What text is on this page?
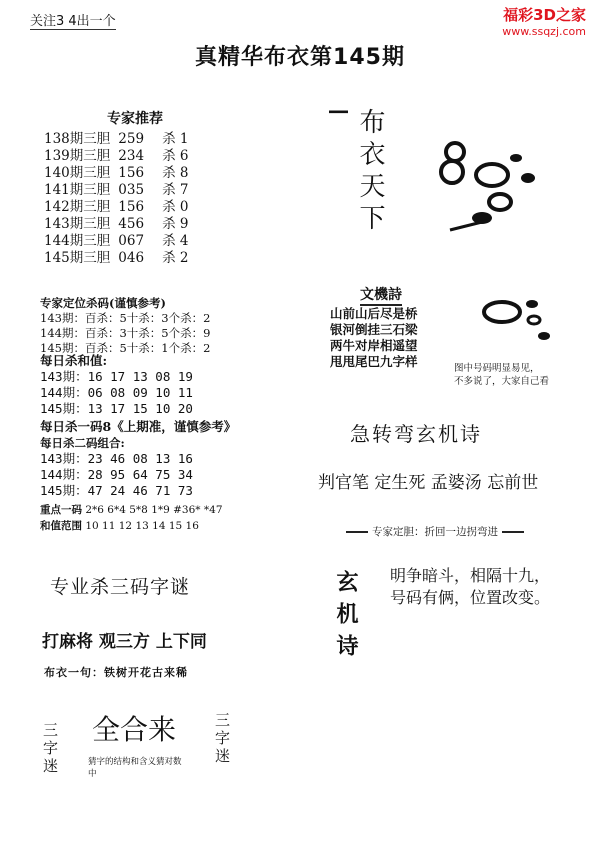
关注3 4出一个	福彩3D之家
www.ssqzj.com
真精华布衣第145期
专家推荐
138期三胆	259	杀 1
139期三胆	234	杀 6
140期三胆	156	杀 8
141期三胆	035	杀 7
142期三胆	156	杀 0
143期三胆	456	杀 9
144期三胆	067	杀 4
145期三胆	046	杀 2
专家定位杀码(谨慎参考)
143期：百杀：5十杀：3个杀：2
144期：百杀：3十杀：5个杀：9
145期：百杀：5十杀：1个杀：2
每日杀和值:
143期：16 17 13 08 19
144期：06 08 09 10 11
145期：13 17 15 10 20
每日杀一码8《上期准，谨慎参考》
每日杀二码组合:
143期：23 46 08 13 16
144期：28 95 64 75 34
145期：47 24 46 71 73
重点一码 2*6 6*4 5*8 1*9 #36* *47
和值范围 10 11 12 13 14 15 16
布衣天下I
文機詩
山前山后尽是桥
银河倒挂三石梁
两牛对岸相遥望
甩甩尾巴九字样	图中号码明显易见，
不多说了，大家自己看
急转弯玄机诗
判官笔 定生死 孟婆汤 忘前世
专家定胆：折回一边拐弯进
玄机诗 明争暗斗，相隔十九，
号码有俩，位置改变。
专业杀三码字谜
打麻将 观三方 上下同
布衣一句：铁树开花古来稀
三字迷 全合来
猜字的结构和含义猜对数中
三字迷
